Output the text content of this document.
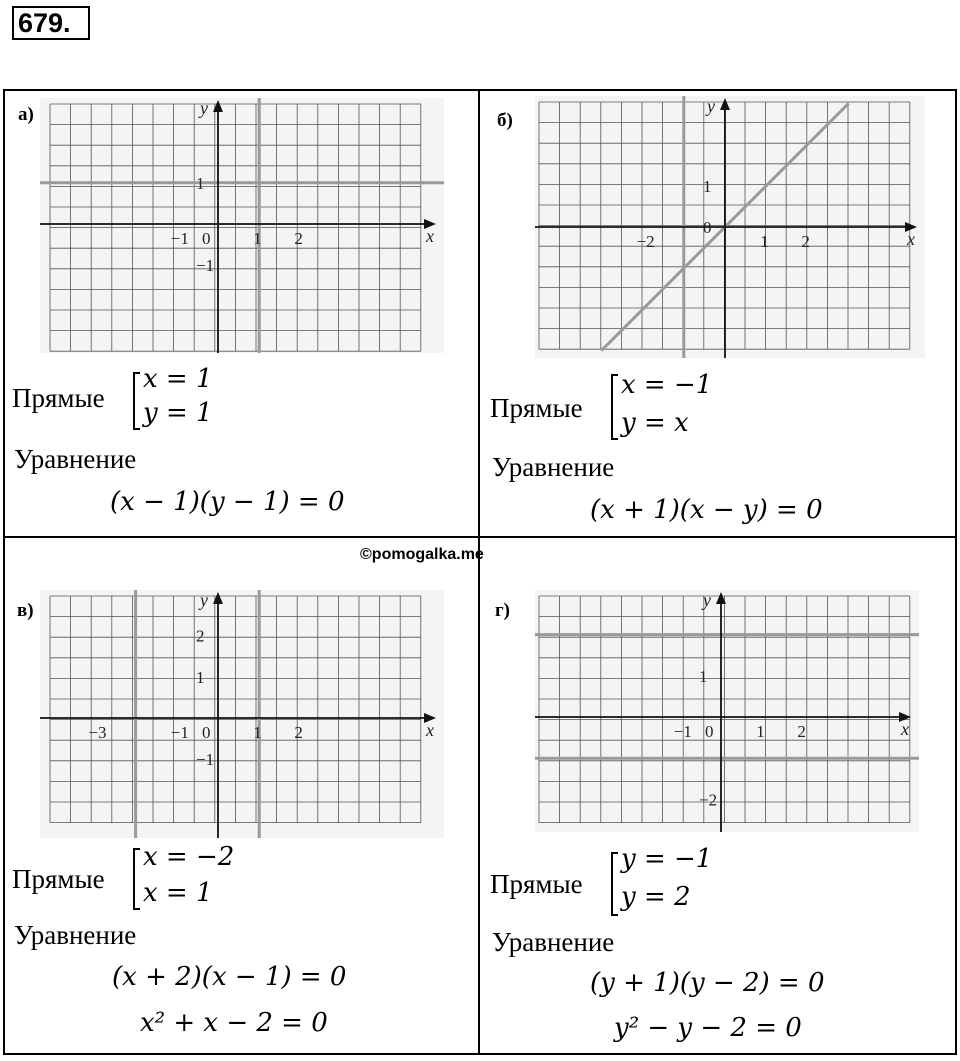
679.
©pomogalka.me
а)
x
y
−1 0	1 2
1
−1
Прямые
x = 1
y = 1
Уравнение
(x − 1)(y − 1) = 0
б)
x
y
−2	1 2
1
0
Прямые
x = −1
y = x
Уравнение
(x + 1)(x − y) = 0
в)
x
y
−3	−1 0	1 2
2
1
−1
Прямые
x = −2
x = 1
Уравнение
(x + 2)(x − 1) = 0
x² + x − 2 = 0
г)
x
y
−1 0	1 2
1
−2
Прямые
y = −1
y = 2
Уравнение
(y + 1)(y − 2) = 0
y² − y − 2 = 0
